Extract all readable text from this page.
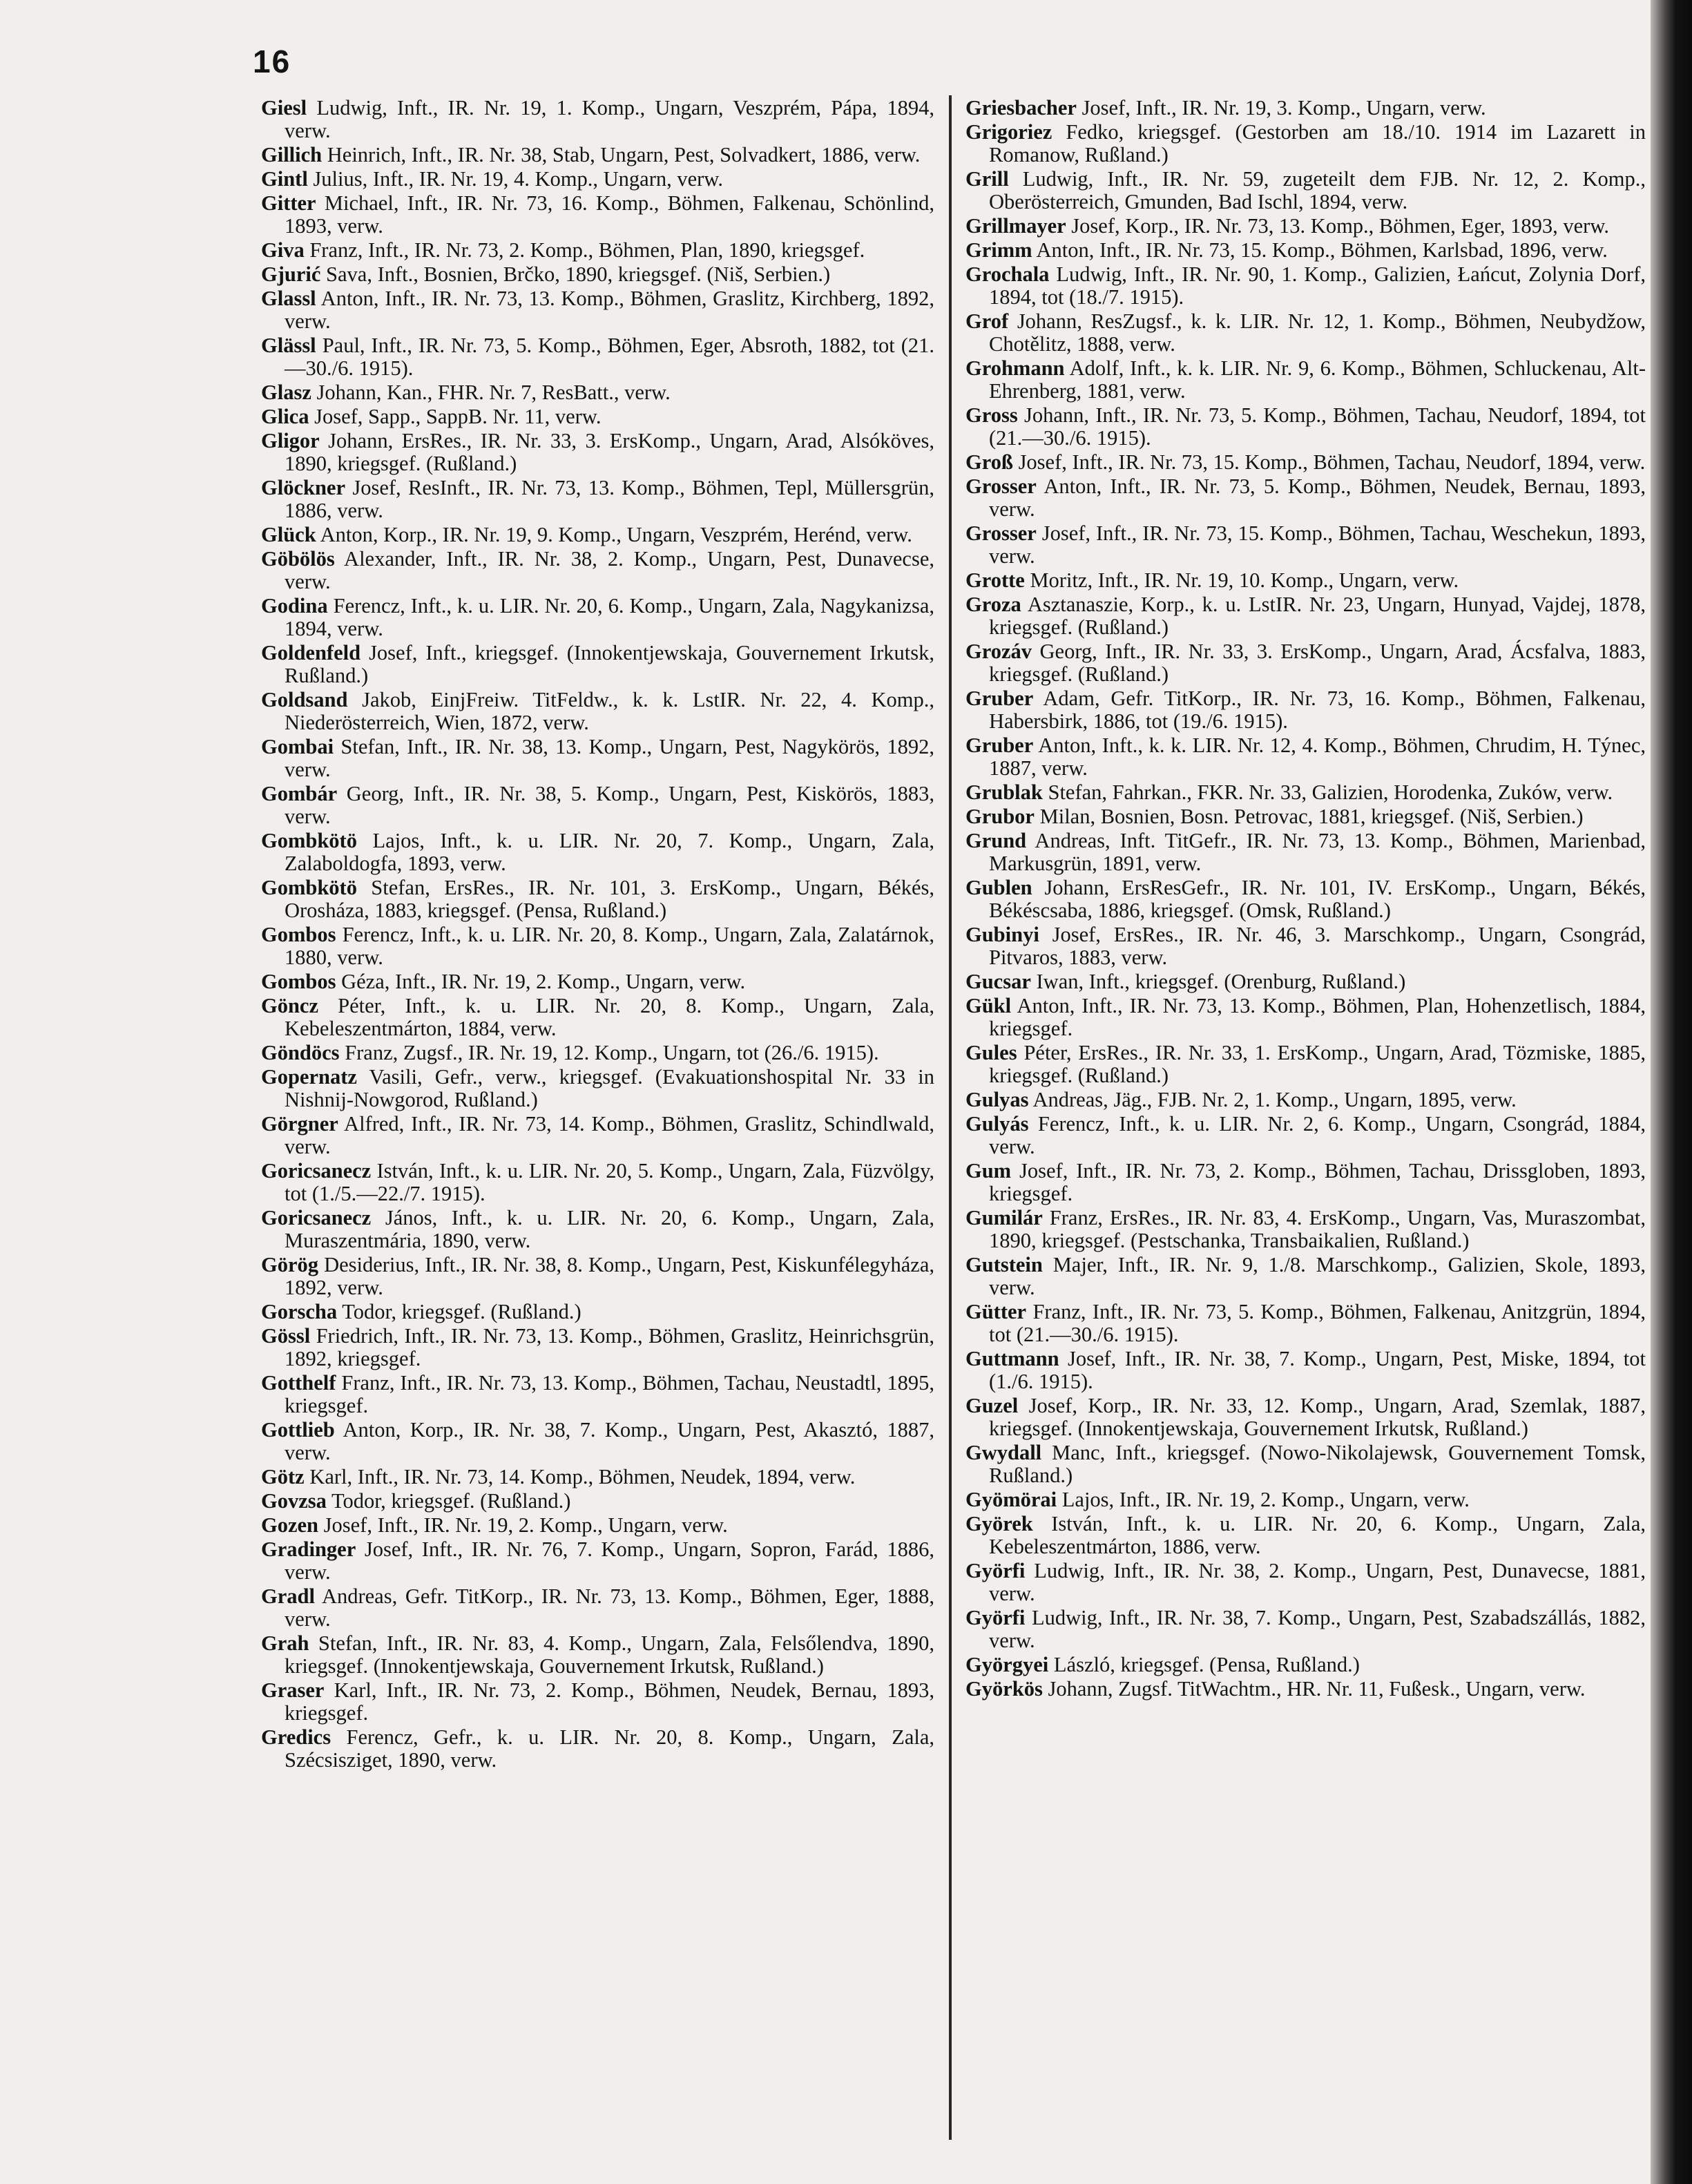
16

Giesl Ludwig, Inft., IR. Nr. 19, 1. Komp., Ungarn, Veszprém, Pápa, 1894, verw.

Gillich Heinrich, Inft., IR. Nr. 38, Stab, Ungarn, Pest, Solvadkert, 1886, verw.

Gintl Julius, Inft., IR. Nr. 19, 4. Komp., Ungarn, verw.

Gitter Michael, Inft., IR. Nr. 73, 16. Komp., Böhmen, Falkenau, Schönlind, 1893, verw.

Giva Franz, Inft., IR. Nr. 73, 2. Komp., Böhmen, Plan, 1890, kriegsgef.

Gjurić Sava, Inft., Bosnien, Brčko, 1890, kriegsgef. (Niš, Serbien.)

Glassl Anton, Inft., IR. Nr. 73, 13. Komp., Böhmen, Graslitz, Kirchberg, 1892, verw.

Glässl Paul, Inft., IR. Nr. 73, 5. Komp., Böhmen, Eger, Absroth, 1882, tot (21.—30./6. 1915).

Glasz Johann, Kan., FHR. Nr. 7, ResBatt., verw.

Glica Josef, Sapp., SappB. Nr. 11, verw.

Gligor Johann, ErsRes., IR. Nr. 33, 3. ErsKomp., Ungarn, Arad, Alsóköves, 1890, kriegsgef. (Rußland.)

Glöckner Josef, ResInft., IR. Nr. 73, 13. Komp., Böhmen, Tepl, Müllersgrün, 1886, verw.

Glück Anton, Korp., IR. Nr. 19, 9. Komp., Ungarn, Veszprém, Herénd, verw.

Göbölös Alexander, Inft., IR. Nr. 38, 2. Komp., Ungarn, Pest, Dunavecse, verw.

Godina Ferencz, Inft., k. u. LIR. Nr. 20, 6. Komp., Ungarn, Zala, Nagykanizsa, 1894, verw.

Goldenfeld Josef, Inft., kriegsgef. (Innokentjewskaja, Gouvernement Irkutsk, Rußland.)

Goldsand Jakob, EinjFreiw. TitFeldw., k. k. LstIR. Nr. 22, 4. Komp., Niederösterreich, Wien, 1872, verw.

Gombai Stefan, Inft., IR. Nr. 38, 13. Komp., Ungarn, Pest, Nagykörös, 1892, verw.

Gombár Georg, Inft., IR. Nr. 38, 5. Komp., Ungarn, Pest, Kiskörös, 1883, verw.

Gombkötö Lajos, Inft., k. u. LIR. Nr. 20, 7. Komp., Ungarn, Zala, Zalaboldogfa, 1893, verw.

Gombkötö Stefan, ErsRes., IR. Nr. 101, 3. ErsKomp., Ungarn, Békés, Orosháza, 1883, kriegsgef. (Pensa, Rußland.)

Gombos Ferencz, Inft., k. u. LIR. Nr. 20, 8. Komp., Ungarn, Zala, Zalatárnok, 1880, verw.

Gombos Géza, Inft., IR. Nr. 19, 2. Komp., Ungarn, verw.

Göncz Péter, Inft., k. u. LIR. Nr. 20, 8. Komp., Ungarn, Zala, Kebeleszentmárton, 1884, verw.

Göndöcs Franz, Zugsf., IR. Nr. 19, 12. Komp., Ungarn, tot (26./6. 1915).

Gopernatz Vasili, Gefr., verw., kriegsgef. (Evakuationshospital Nr. 33 in Nishnij-Nowgorod, Rußland.)

Görgner Alfred, Inft., IR. Nr. 73, 14. Komp., Böhmen, Graslitz, Schindlwald, verw.

Goricsanecz István, Inft., k. u. LIR. Nr. 20, 5. Komp., Ungarn, Zala, Füzvölgy, tot (1./5.—22./7. 1915).

Goricsanecz János, Inft., k. u. LIR. Nr. 20, 6. Komp., Ungarn, Zala, Muraszentmária, 1890, verw.

Görög Desiderius, Inft., IR. Nr. 38, 8. Komp., Ungarn, Pest, Kiskunfélegyháza, 1892, verw.

Gorscha Todor, kriegsgef. (Rußland.)

Gössl Friedrich, Inft., IR. Nr. 73, 13. Komp., Böhmen, Graslitz, Heinrichsgrün, 1892, kriegsgef.

Gotthelf Franz, Inft., IR. Nr. 73, 13. Komp., Böhmen, Tachau, Neustadtl, 1895, kriegsgef.

Gottlieb Anton, Korp., IR. Nr. 38, 7. Komp., Ungarn, Pest, Akasztó, 1887, verw.

Götz Karl, Inft., IR. Nr. 73, 14. Komp., Böhmen, Neudek, 1894, verw.

Govzsa Todor, kriegsgef. (Rußland.)

Gozen Josef, Inft., IR. Nr. 19, 2. Komp., Ungarn, verw.

Gradinger Josef, Inft., IR. Nr. 76, 7. Komp., Ungarn, Sopron, Farád, 1886, verw.

Gradl Andreas, Gefr. TitKorp., IR. Nr. 73, 13. Komp., Böhmen, Eger, 1888, verw.

Grah Stefan, Inft., IR. Nr. 83, 4. Komp., Ungarn, Zala, Felsőlendva, 1890, kriegsgef. (Innokentjewskaja, Gouvernement Irkutsk, Rußland.)

Graser Karl, Inft., IR. Nr. 73, 2. Komp., Böhmen, Neudek, Bernau, 1893, kriegsgef.

Gredics Ferencz, Gefr., k. u. LIR. Nr. 20, 8. Komp., Ungarn, Zala, Szécsisziget, 1890, verw.

Griesbacher Josef, Inft., IR. Nr. 19, 3. Komp., Ungarn, verw.

Grigoriez Fedko, kriegsgef. (Gestorben am 18./10. 1914 im Lazarett in Romanow, Rußland.)

Grill Ludwig, Inft., IR. Nr. 59, zugeteilt dem FJB. Nr. 12, 2. Komp., Oberösterreich, Gmunden, Bad Ischl, 1894, verw.

Grillmayer Josef, Korp., IR. Nr. 73, 13. Komp., Böhmen, Eger, 1893, verw.

Grimm Anton, Inft., IR. Nr. 73, 15. Komp., Böhmen, Karlsbad, 1896, verw.

Grochala Ludwig, Inft., IR. Nr. 90, 1. Komp., Galizien, Łańcut, Zolynia Dorf, 1894, tot (18./7. 1915).

Grof Johann, ResZugsf., k. k. LIR. Nr. 12, 1. Komp., Böhmen, Neubydžow, Chotělitz, 1888, verw.

Grohmann Adolf, Inft., k. k. LIR. Nr. 9, 6. Komp., Böhmen, Schluckenau, Alt-Ehrenberg, 1881, verw.

Gross Johann, Inft., IR. Nr. 73, 5. Komp., Böhmen, Tachau, Neudorf, 1894, tot (21.—30./6. 1915).

Groß Josef, Inft., IR. Nr. 73, 15. Komp., Böhmen, Tachau, Neudorf, 1894, verw.

Grosser Anton, Inft., IR. Nr. 73, 5. Komp., Böhmen, Neudek, Bernau, 1893, verw.

Grosser Josef, Inft., IR. Nr. 73, 15. Komp., Böhmen, Tachau, Weschekun, 1893, verw.

Grotte Moritz, Inft., IR. Nr. 19, 10. Komp., Ungarn, verw.

Groza Asztanaszie, Korp., k. u. LstIR. Nr. 23, Ungarn, Hunyad, Vajdej, 1878, kriegsgef. (Rußland.)

Grozáv Georg, Inft., IR. Nr. 33, 3. ErsKomp., Ungarn, Arad, Ácsfalva, 1883, kriegsgef. (Rußland.)

Gruber Adam, Gefr. TitKorp., IR. Nr. 73, 16. Komp., Böhmen, Falkenau, Habersbirk, 1886, tot (19./6. 1915).

Gruber Anton, Inft., k. k. LIR. Nr. 12, 4. Komp., Böhmen, Chrudim, H. Týnec, 1887, verw.

Grublak Stefan, Fahrkan., FKR. Nr. 33, Galizien, Horodenka, Zuków, verw.

Grubor Milan, Bosnien, Bosn. Petrovac, 1881, kriegsgef. (Niš, Serbien.)

Grund Andreas, Inft. TitGefr., IR. Nr. 73, 13. Komp., Böhmen, Marienbad, Markusgrün, 1891, verw.

Gublen Johann, ErsResGefr., IR. Nr. 101, IV. ErsKomp., Ungarn, Békés, Békéscsaba, 1886, kriegsgef. (Omsk, Rußland.)

Gubinyi Josef, ErsRes., IR. Nr. 46, 3. Marschkomp., Ungarn, Csongrád, Pitvaros, 1883, verw.

Gucsar Iwan, Inft., kriegsgef. (Orenburg, Rußland.)

Gükl Anton, Inft., IR. Nr. 73, 13. Komp., Böhmen, Plan, Hohenzetlisch, 1884, kriegsgef.

Gules Péter, ErsRes., IR. Nr. 33, 1. ErsKomp., Ungarn, Arad, Tözmiske, 1885, kriegsgef. (Rußland.)

Gulyas Andreas, Jäg., FJB. Nr. 2, 1. Komp., Ungarn, 1895, verw.

Gulyás Ferencz, Inft., k. u. LIR. Nr. 2, 6. Komp., Ungarn, Csongrád, 1884, verw.

Gum Josef, Inft., IR. Nr. 73, 2. Komp., Böhmen, Tachau, Drissgloben, 1893, kriegsgef.

Gumilár Franz, ErsRes., IR. Nr. 83, 4. ErsKomp., Ungarn, Vas, Muraszombat, 1890, kriegsgef. (Pestschanka, Transbaikalien, Rußland.)

Gutstein Majer, Inft., IR. Nr. 9, 1./8. Marschkomp., Galizien, Skole, 1893, verw.

Gütter Franz, Inft., IR. Nr. 73, 5. Komp., Böhmen, Falkenau, Anitzgrün, 1894, tot (21.—30./6. 1915).

Guttmann Josef, Inft., IR. Nr. 38, 7. Komp., Ungarn, Pest, Miske, 1894, tot (1./6. 1915).

Guzel Josef, Korp., IR. Nr. 33, 12. Komp., Ungarn, Arad, Szemlak, 1887, kriegsgef. (Innokentjewskaja, Gouvernement Irkutsk, Rußland.)

Gwydall Manc, Inft., kriegsgef. (Nowo-Nikolajewsk, Gouvernement Tomsk, Rußland.)

Gyömörai Lajos, Inft., IR. Nr. 19, 2. Komp., Ungarn, verw.

Györek István, Inft., k. u. LIR. Nr. 20, 6. Komp., Ungarn, Zala, Kebeleszentmárton, 1886, verw.

Györfi Ludwig, Inft., IR. Nr. 38, 2. Komp., Ungarn, Pest, Dunavecse, 1881, verw.

Györfi Ludwig, Inft., IR. Nr. 38, 7. Komp., Ungarn, Pest, Szabadszállás, 1882, verw.

Györgyei László, kriegsgef. (Pensa, Rußland.)

Györkös Johann, Zugsf. TitWachtm., HR. Nr. 11, Fußesk., Ungarn, verw.
